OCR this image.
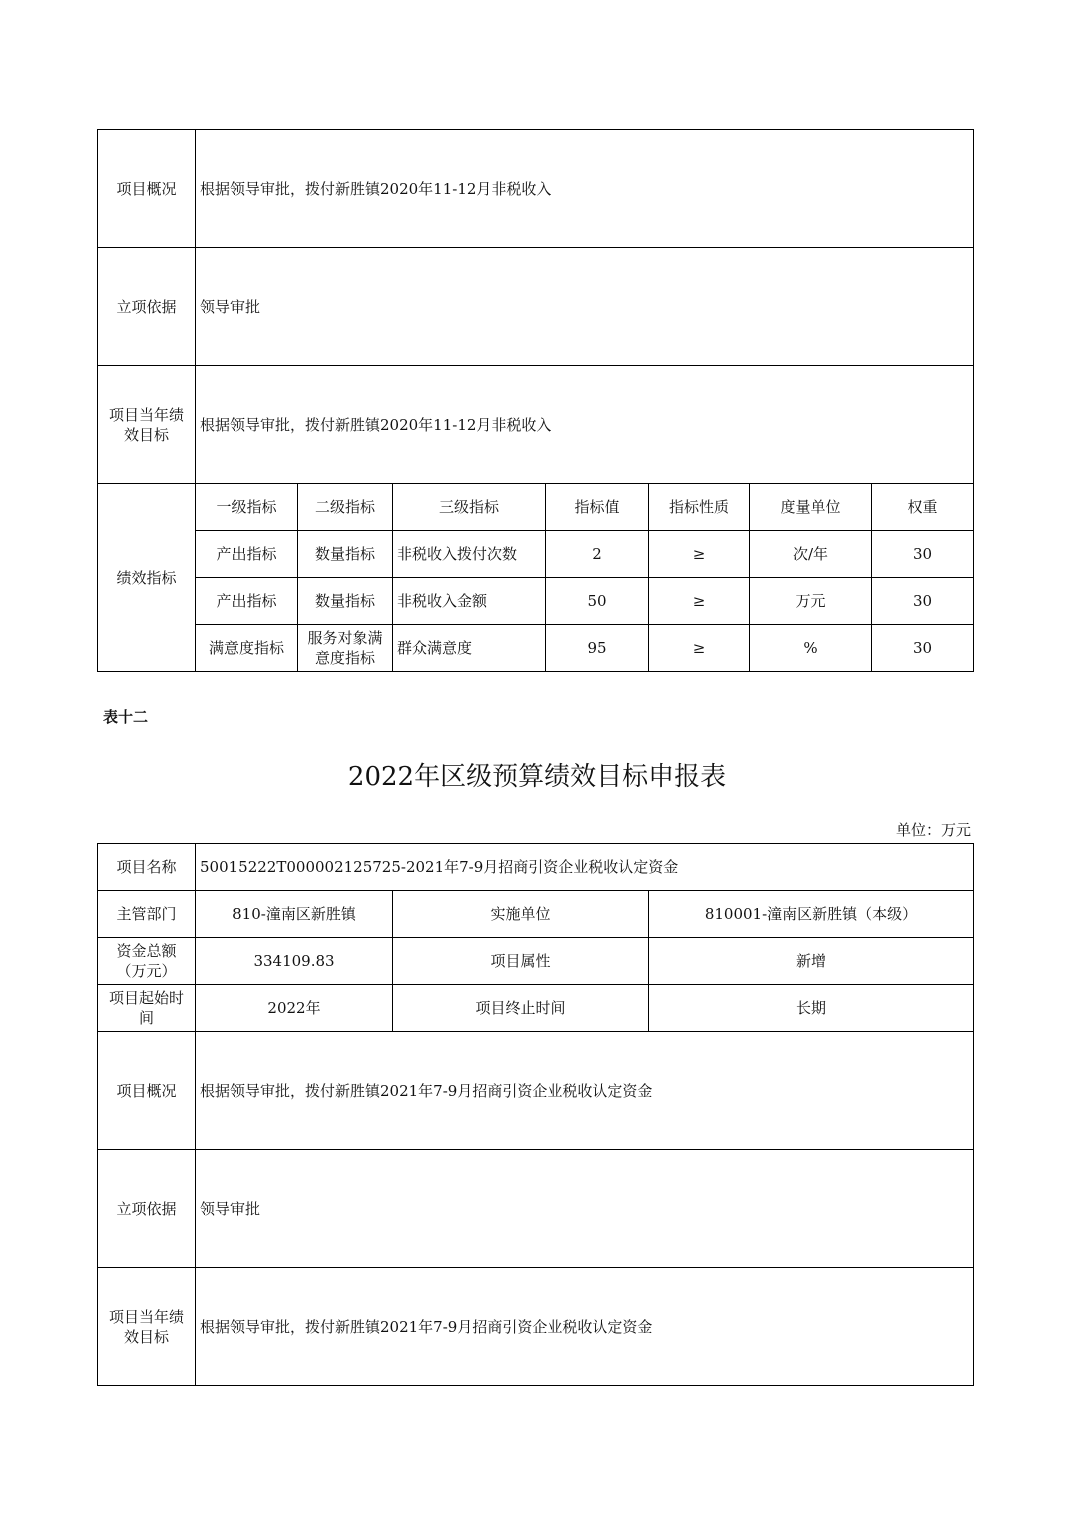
项目概况	根据领导审批，拨付新胜镇2020年11-12月非税收入						
立项依据	领导审批						
项目当年绩效目标	根据领导审批，拨付新胜镇2020年11-12月非税收入						
绩效指标	一级指标	二级指标	三级指标	指标值	指标性质	度量单位	权重
	产出指标	数量指标	非税收入拨付次数	2	≥	次/年	30
	产出指标	数量指标	非税收入金额	50	≥	万元	30
	满意度指标	服务对象满意度指标	群众满意度	95	≥	%	30
表十二
2022年区级预算绩效目标申报表
单位：万元
项目名称	50015222T000002125725-2021年7-9月招商引资企业税收认定资金		
主管部门	810-潼南区新胜镇	实施单位	810001-潼南区新胜镇（本级）
资金总额（万元）	334109.83	项目属性	新增
项目起始时间	2022年	项目终止时间	长期
项目概况	根据领导审批，拨付新胜镇2021年7-9月招商引资企业税收认定资金		
立项依据	领导审批		
项目当年绩效目标	根据领导审批，拨付新胜镇2021年7-9月招商引资企业税收认定资金		
